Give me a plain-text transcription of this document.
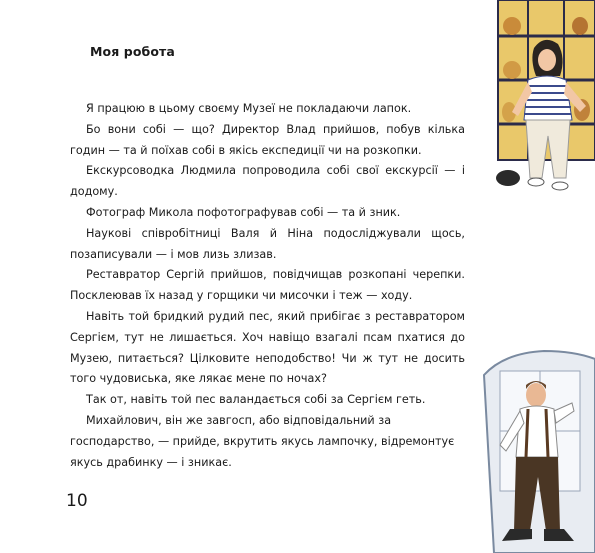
Моя робота

Я працюю в цьому своєму Музеї не покладаючи лапок.

Бо вони собі — що? Директор Влад прийшов, побув кілька годин — та й поїхав собі в якісь експедиції чи на розкопки.

Екскурсоводка Людмила попроводила собі свої екскурсії — і додому.

Фотограф Микола пофотографував собі — та й зник.

Наукові співробітниці Валя й Ніна подосліджували щось, позаписували — і мов лизь злизав.

Реставратор Сергій прийшов, повідчищав розкопані черепки. Посклеював їх назад у горщики чи мисочки і теж — ходу.

Навіть той бридкий рудий пес, який прибігає з реставратором Сергієм, тут не лишається. Хоч навіщо взагалі псам пхатися до Музею, питається? Цілковите неподобство! Чи ж тут не досить того чудовиська, яке лякає мене по ночах?

Так от, навіть той пес валандається собі за Сергієм геть.

Михайлович, він же завгосп, або відповідальний за господарство, — прийде, вкрутить якусь лампочку, відремонтує якусь драбинку — і зникає.

10
